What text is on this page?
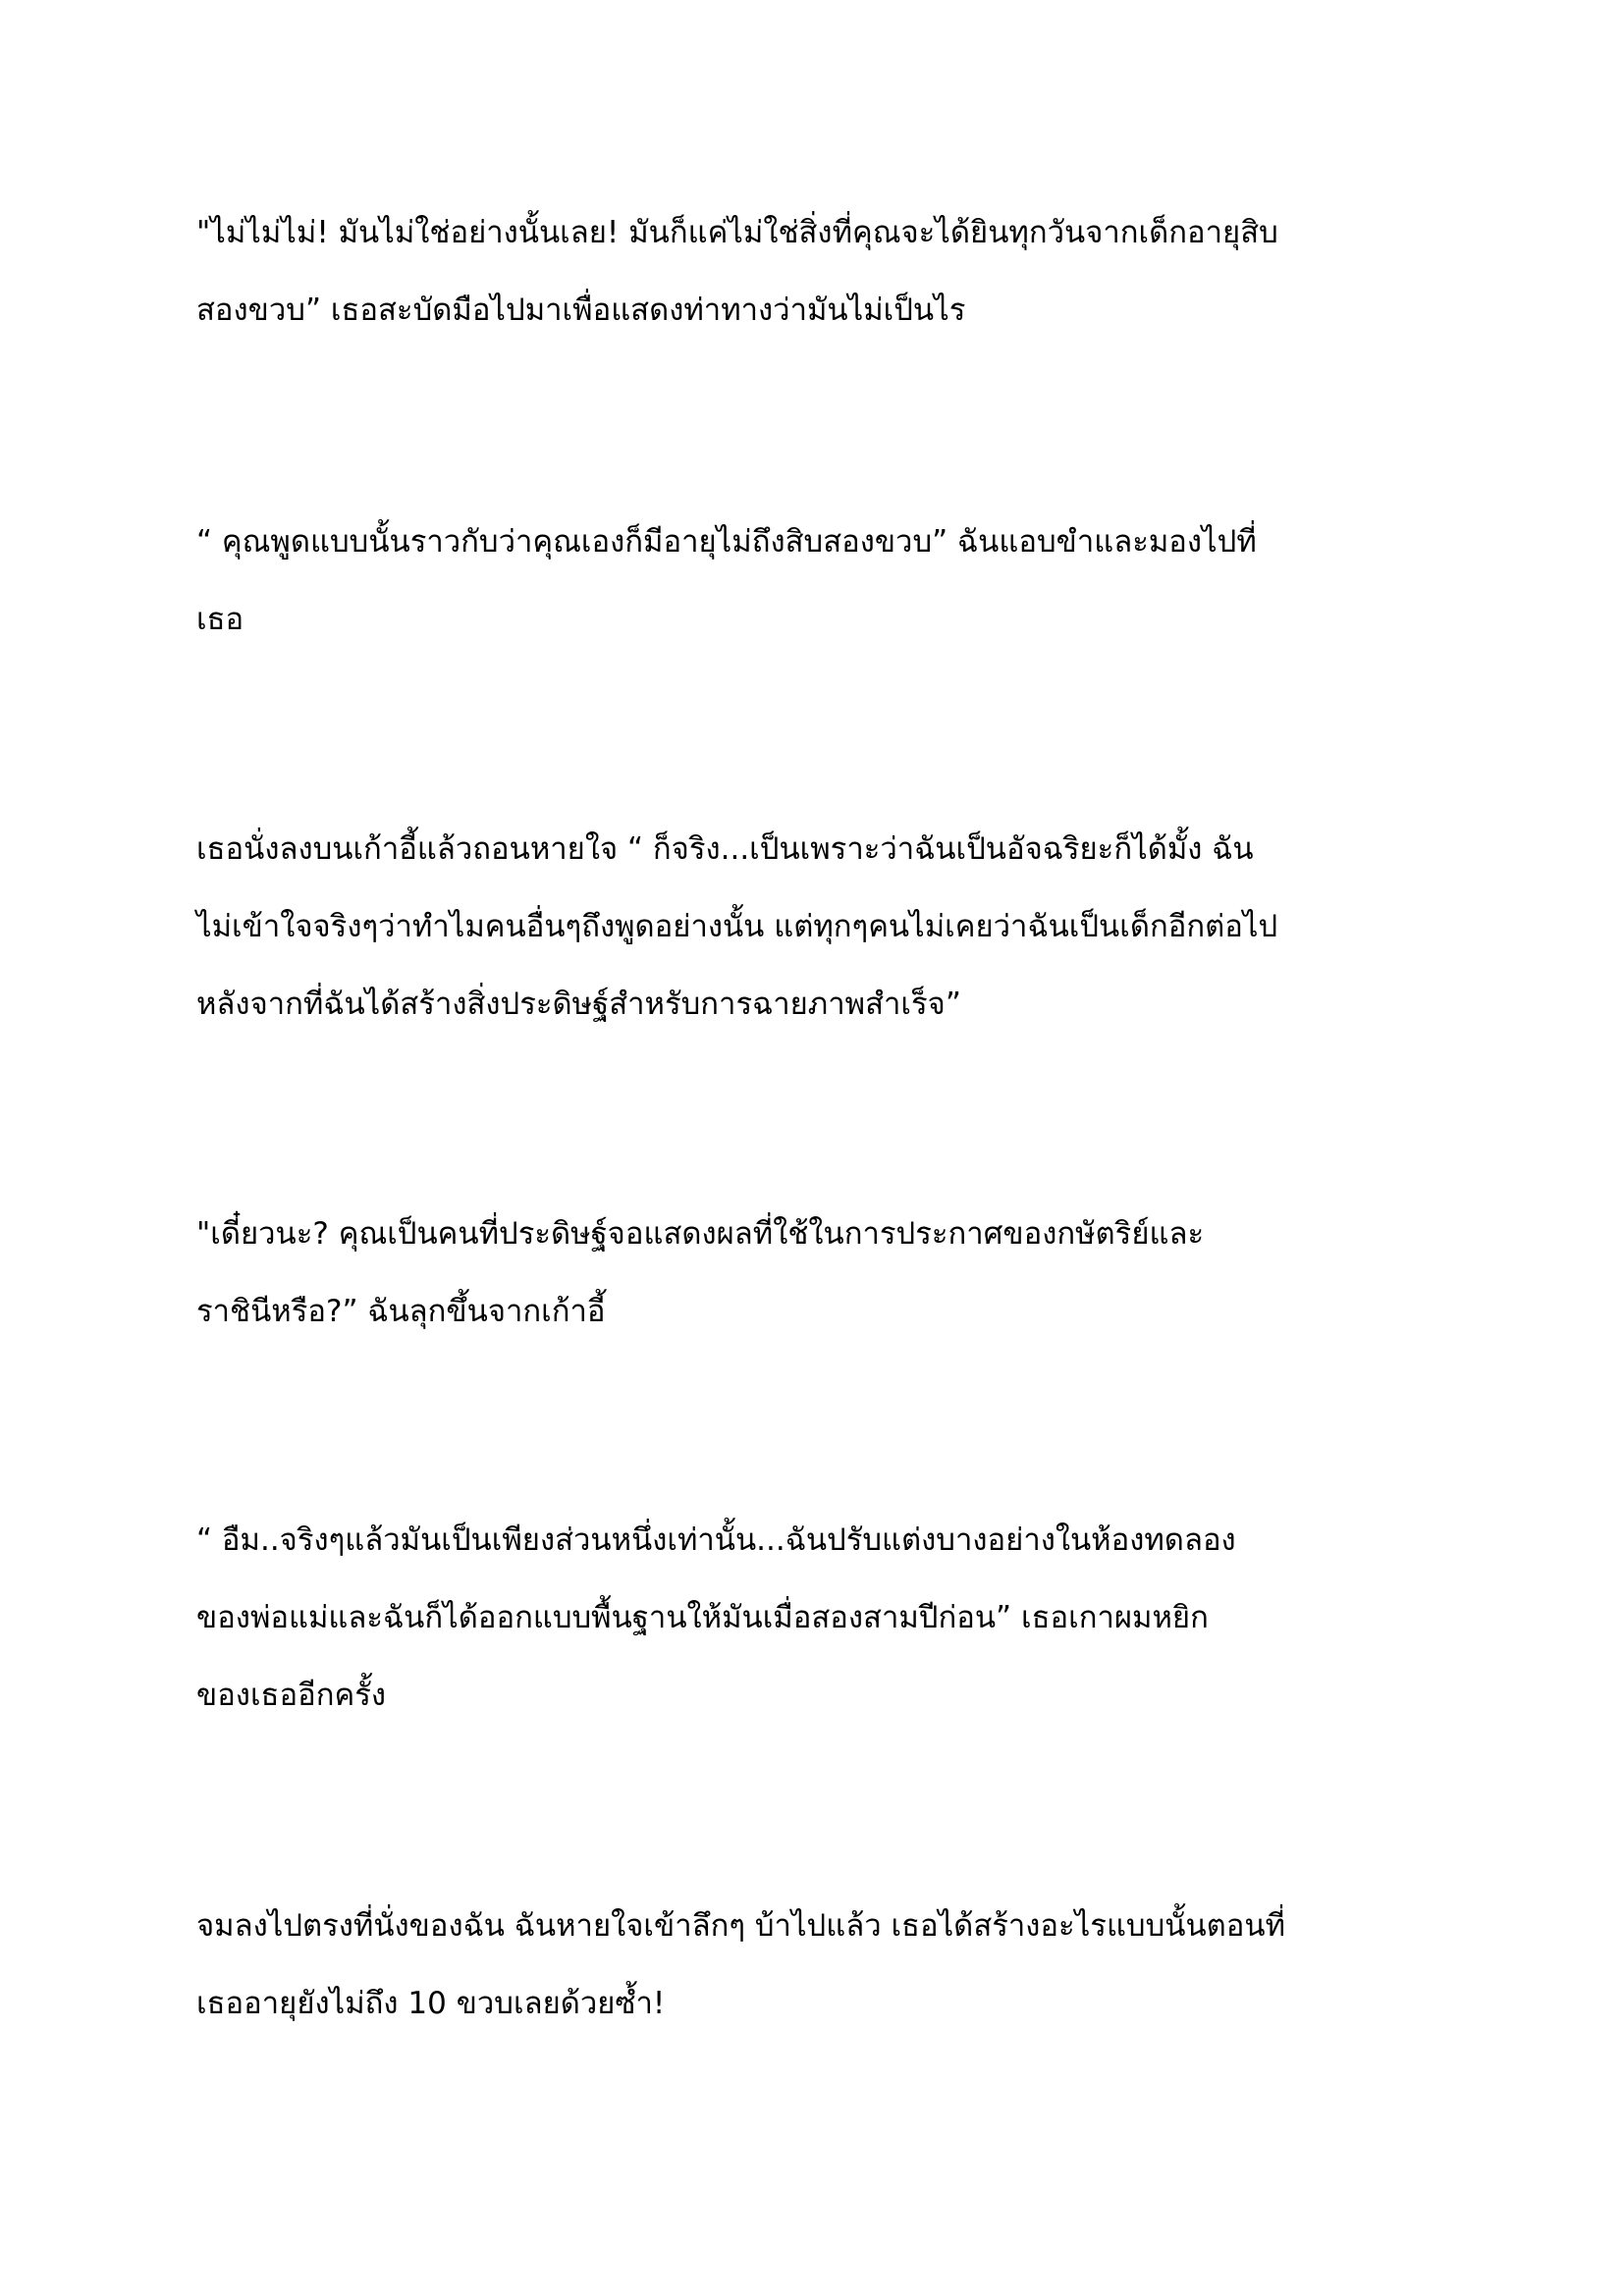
"ไม่ไม่ไม่! มันไม่ใช่อย่างนั้นเลย! มันก็แค่ไม่ใช่สิ่งที่คุณจะได้ยินทุกวันจากเด็กอายุสิบ
สองขวบ” เธอสะบัดมือไปมาเพื่อแสดงท่าทางว่ามันไม่เป็นไร

“ คุณพูดแบบนั้นราวกับว่าคุณเองก็มีอายุไม่ถึงสิบสองขวบ” ฉันแอบขำและมองไปที่
เธอ

เธอนั่งลงบนเก้าอี้แล้วถอนหายใจ “ ก็จริง...เป็นเพราะว่าฉันเป็นอัจฉริยะก็ได้มั้ง ฉัน
ไม่เข้าใจจริงๆว่าทำไมคนอื่นๆถึงพูดอย่างนั้น แต่ทุกๆคนไม่เคยว่าฉันเป็นเด็กอีกต่อไป
หลังจากที่ฉันได้สร้างสิ่งประดิษฐ์สำหรับการฉายภาพสำเร็จ”

"เดี๋ยวนะ? คุณเป็นคนที่ประดิษฐ์จอแสดงผลที่ใช้ในการประกาศของกษัตริย์และ
ราชินีหรือ?” ฉันลุกขึ้นจากเก้าอี้

“ อืม..จริงๆแล้วมันเป็นเพียงส่วนหนึ่งเท่านั้น...ฉันปรับแต่งบางอย่างในห้องทดลอง
ของพ่อแม่และฉันก็ได้ออกแบบพื้นฐานให้มันเมื่อสองสามปีก่อน” เธอเกาผมหยิก
ของเธออีกครั้ง

จมลงไปตรงที่นั่งของฉัน ฉันหายใจเข้าลึกๆ บ้าไปแล้ว เธอได้สร้างอะไรแบบนั้นตอนที่
เธออายุยังไม่ถึง 10 ขวบเลยด้วยซ้ำ!
